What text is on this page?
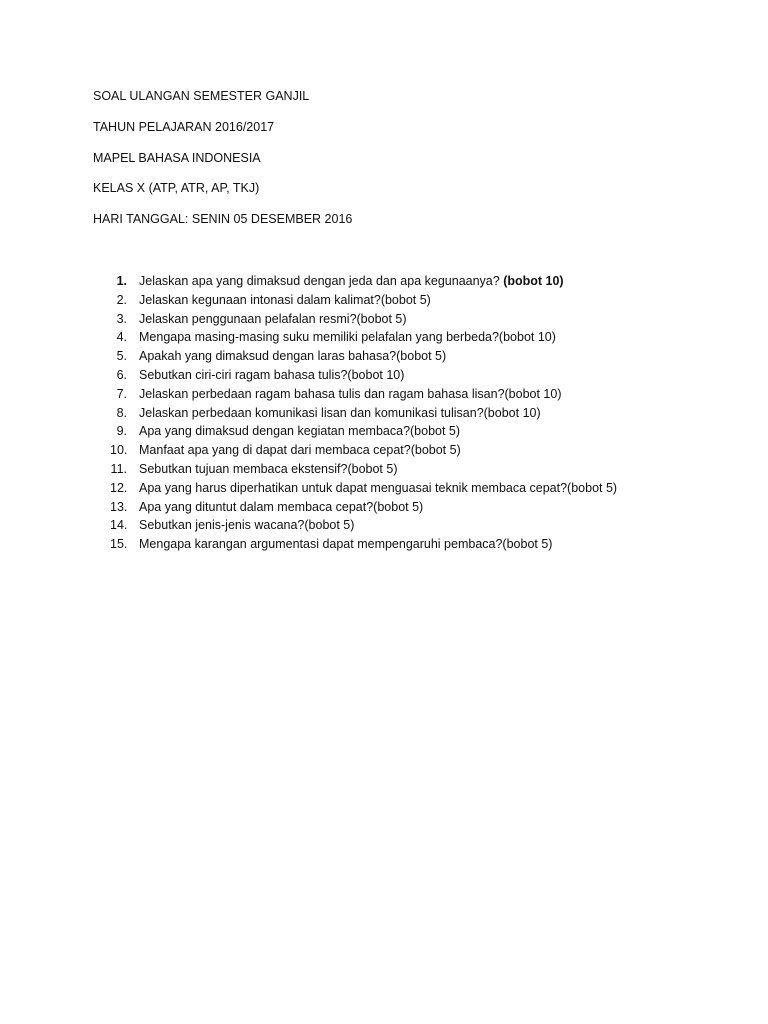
SOAL ULANGAN SEMESTER GANJIL
TAHUN PELAJARAN 2016/2017
MAPEL BAHASA INDONESIA
KELAS X (ATP, ATR, AP, TKJ)
HARI TANGGAL: SENIN 05 DESEMBER 2016
1. Jelaskan apa yang dimaksud dengan jeda dan apa kegunaanya? (bobot 10)
2. Jelaskan kegunaan intonasi dalam kalimat?(bobot 5)
3. Jelaskan penggunaan pelafalan resmi?(bobot 5)
4. Mengapa masing-masing suku memiliki pelafalan yang berbeda?(bobot 10)
5. Apakah yang dimaksud dengan laras bahasa?(bobot 5)
6. Sebutkan ciri-ciri ragam bahasa tulis?(bobot 10)
7. Jelaskan perbedaan ragam bahasa tulis dan ragam bahasa lisan?(bobot 10)
8. Jelaskan perbedaan komunikasi lisan dan komunikasi tulisan?(bobot 10)
9. Apa yang dimaksud dengan kegiatan membaca?(bobot 5)
10. Manfaat apa yang di dapat dari membaca cepat?(bobot 5)
11. Sebutkan tujuan membaca ekstensif?(bobot 5)
12. Apa yang harus diperhatikan untuk dapat menguasai teknik membaca cepat?(bobot 5)
13. Apa yang dituntut dalam membaca cepat?(bobot 5)
14. Sebutkan jenis-jenis wacana?(bobot 5)
15. Mengapa karangan argumentasi dapat mempengaruhi pembaca?(bobot 5)
